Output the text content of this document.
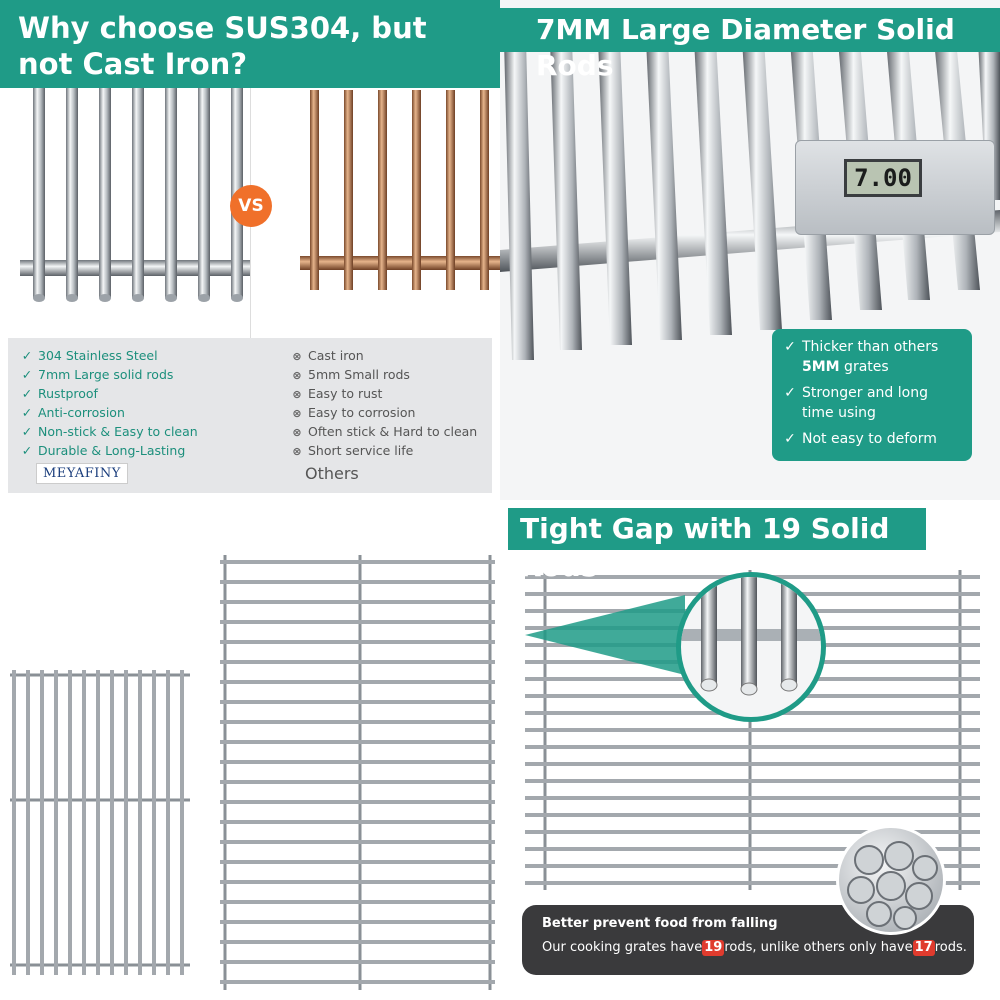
Why choose SUS304, but not Cast Iron?
VS
✓ 304 Stainless Steel
✓ 7mm Large solid rods
✓ Rustproof
✓ Anti-corrosion
✓ Non-stick & Easy to clean
✓ Durable & Long-Lasting
⊗ Cast iron
⊗ 5mm Small rods
⊗ Easy to rust
⊗ Easy to corrosion
⊗ Often stick & Hard to clean
⊗ Short service life
MEYAFINY	Others
7MM Large Diameter Solid Rods
7.00
✓ Thicker than others 5MM grates
✓ Stronger and long time using
✓ Not easy to deform
Tight Gap with 19 Solid Rods
Better prevent food from falling
Our cooking grates have 19 rods, unlike others only have 17 rods.
